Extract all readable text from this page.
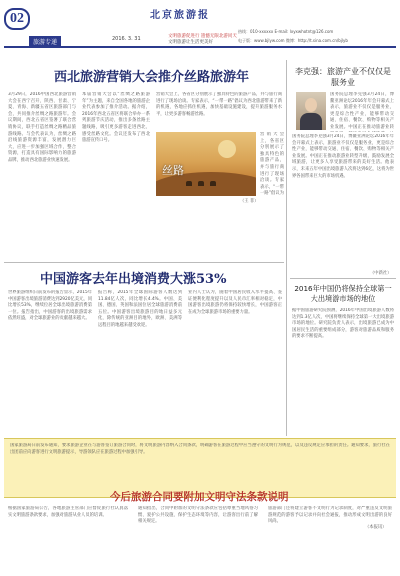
02
旅游专递
北京旅游报
2016. 3. 31	文明旅游促进行 遗憾无限北游同天
文明旅游让生活更美好
热线：010-xxxxxx E-mail: lxyxwhotnt@126.com
电子版：www.bjlyw.com 微博：http://t.sina.com.cn/bjlyb
西北旅游营销大会推介丝路旅游年
3月29日，2016中国西北旅游营销大会在西宁召开，陕西、甘肃、宁夏、青海、新疆五省区旅游部门与会，共同推介丝绸之路旅游年。会议期间，西北五省区签署了联合营销协议，联手打造丝绸之路精品旅游线路。与会代表认为，丝绸之路沿线旅游资源丰富，发展潜力巨大，应进一步加强区域合作，整合资源，打造具有国际影响力的旅游品牌，推动西北旅游业快速发展。
本届营销大会以“丝绸之路旅游年”为主题，来自全国各地的旅游企业代表参加了推介活动。据介绍，2016年西北五省区将联合举办一系列旅游节庆活动，推出多条丝路主题线路，吸引更多游客走进西北、感受丝路文化。会议还发布了西北旅游宣传口号。
营销大会上，各省区分别展示了独具特色的旅游产品，并与旅行商进行了现场洽谈。专家表示，“一带一路”倡议为西北旅游带来了新的机遇，各地应抓住机遇，加快基础设施建设，提升旅游服务水平，让更多游客畅游丝路。
丝路
营销大会上，各省区分别展示了独具特色的旅游产品，并与旅行商进行了现场洽谈。专家表示，“一带一路”倡议为
（王 菲）
李克强：旅游产业不仅仅是服务业
国务院总理李克强3月24日，博鳌亚洲论坛2016年年会开幕式上表示，旅游业不仅仅是服务业，更是综合性产业，能够带动交通、住宿、餐饮、购物等相关产业发展。中国正在推动旅游业转
国务院总理李克强3月24日，博鳌亚洲论坛2016年年会开幕式上表示，旅游业不仅仅是服务业，更是综合性产业，能够带动交通、住宿、餐饮、购物等相关产业发展。中国正在推动旅游业转型升级，鼓励发展全域旅游，让更多人享受旅游带来的美好生活。他表示，未来五年中国出境旅游人次将达到6亿，这将为世界各国带来巨大的市场机遇。
（中新社）
中国游客去年出境消费大涨53%
世界旅游组织日前发布的报告显示，2015年中国游客出境旅游消费达到2920亿美元，同比增长53%，继续位居全球出境旅游消费第一位。报告指出，中国游客的出境旅游需求依然旺盛，对全球旅游业的贡献越来越大。
报告称，2015年全球国际游客人数达到11.84亿人次，同比增长4.4%。中国、美国、德国、英国和法国位居全球旅游消费前五位。中国游客出境旅游目的地日益多元化，除传统的亚洲目的地外，欧洲、美洲等远程目的地越来越受欢迎。
业内人士认为，随着中国居民收入水平提高、签证便利化程度提升以及人民币汇率相对稳定，中国游客出境旅游仍将保持较快增长，中国游客正在成为全球旅游市场的重要力量。
2016年中国仍将保持全球第一大出境游市场的地位
据中国旅游研究院预测，2016年中国出境旅游人数将达到1.3亿人次，中国将继续保持全球第一大出境旅游市场的地位。研究院负责人表示，出境旅游已成为中国居民生活的重要组成部分，游客对旅游品质和服务的要求不断提高。
国家旅游局日前发布通知，要求旅游企业在与游客签订旅游合同时，将文明旅游内容纳入合同条款，明确游客在旅游过程中应当遵守的文明行为规范，以及违反规定应承担的责任。通知要求，旅行社在出团前应向游客进行文明旅游提示，导游领队应在旅游过程中加强引导。
今后旅游合同要附加文明守法条款说明
根据国家旅游局公告，各地旅游主管部门应督促旅行社认真落实文明旅游条款要求，加强对旅游从业人员的培训。
通知指出，合同中附加的文明守法条款应包括尊重当地风俗习惯、爱护公共设施、保护生态环境等内容，让游客出行前了解相关规定。
旅游部门还将建立游客不文明行为记录制度，对严重违反文明旅游规范的游客予以记录并向社会通报，推动形成文明出游的良好风尚。
（本报讯）
